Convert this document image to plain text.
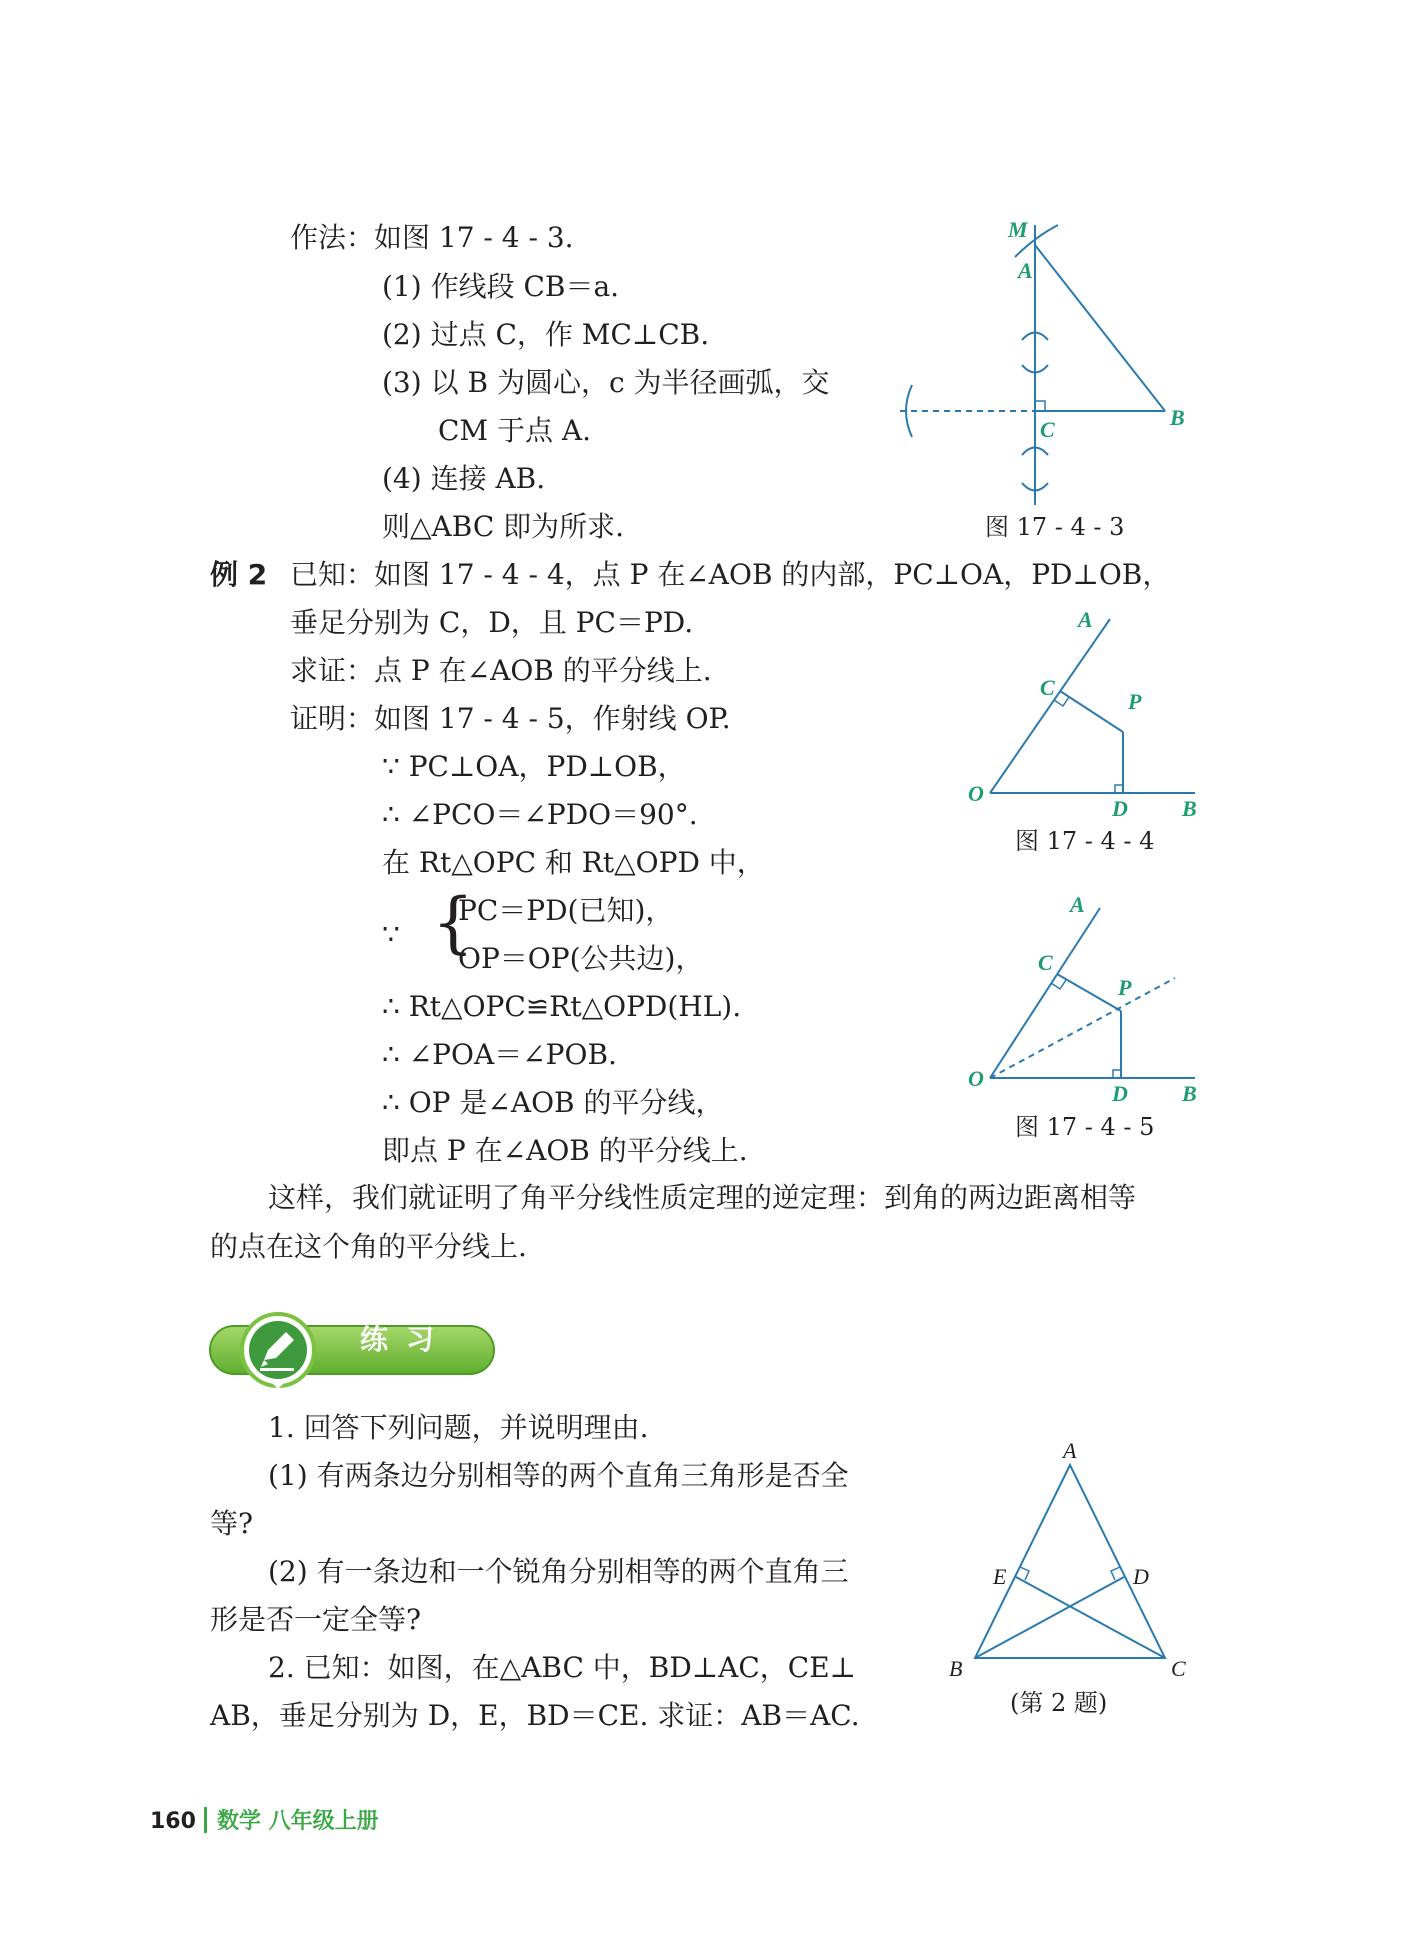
作法：如图 17 - 4 - 3.
(1) 作线段 CB＝a.
(2) 过点 C，作 MC⊥CB.
(3) 以 B 为圆心，c 为半径画弧，交
CM 于点 A.
(4) 连接 AB.
则△ABC 即为所求.
M
A
C	B
图 17 - 4 - 3
例 2 已知：如图 17 - 4 - 4，点 P 在∠AOB 的内部，PC⊥OA，PD⊥OB，
垂足分别为 C，D，且 PC＝PD.
求证：点 P 在∠AOB 的平分线上.
证明：如图 17 - 4 - 5，作射线 OP.
∵ PC⊥OA，PD⊥OB，
∴ ∠PCO＝∠PDO＝90°.
在 Rt△OPC 和 Rt△OPD 中，
∵ {
PC＝PD(已知)，
OP＝OP(公共边)，
∴ Rt△OPC≌Rt△OPD(HL).
∴ ∠POA＝∠POB.
∴ OP 是∠AOB 的平分线，
即点 P 在∠AOB 的平分线上.
A
C
P
O
D B
图 17 - 4 - 4
A
C
P
O
D B
图 17 - 4 - 5
这样，我们就证明了角平分线性质定理的逆定理：到角的两边距离相等
的点在这个角的平分线上.
练习
1. 回答下列问题，并说明理由.
(1) 有两条边分别相等的两个直角三角形是否全
等?
(2) 有一条边和一个锐角分别相等的两个直角三
形是否一定全等?
2. 已知：如图，在△ABC 中，BD⊥AC，CE⊥
AB，垂足分别为 D，E，BD＝CE. 求证：AB＝AC.
A
E	D
B	C
(第 2 题)
160 数学 八年级上册
